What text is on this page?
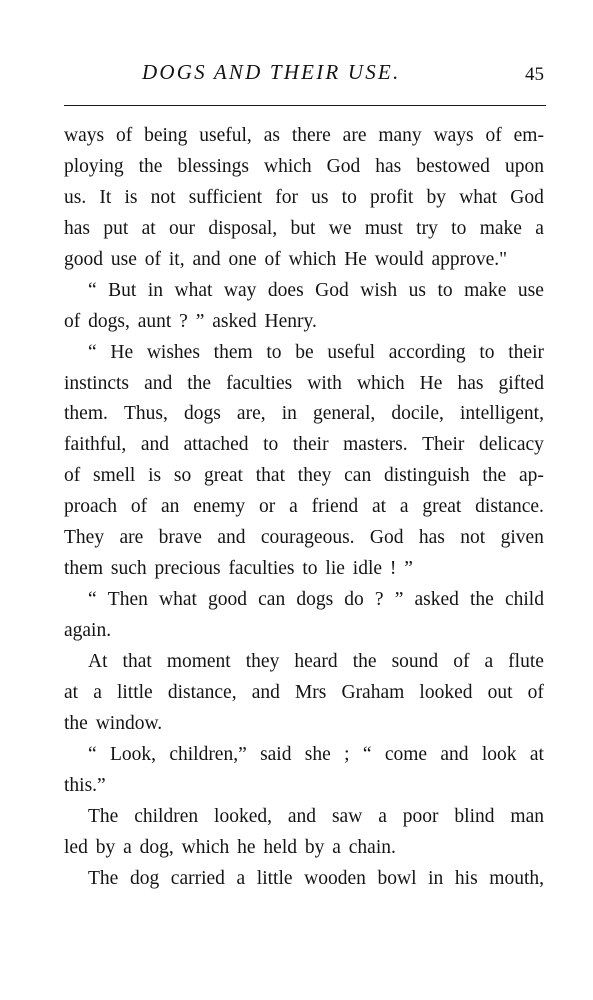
DOGS AND THEIR USE.	45
ways of being useful, as there are many ways of em-
ploying the blessings which God has bestowed upon
us. It is not sufficient for us to profit by what God
has put at our disposal, but we must try to make a
good
use
of
it,
and
one
of
which
He
would
approve."
“ But in what way does God wish us to make use
of
dogs,
aunt
?
”
asked
Henry.
“ He wishes them to be useful according to their
instincts and the faculties with which He has gifted
them. Thus, dogs are, in general, docile, intelligent,
faithful, and attached to their masters. Their delicacy
of smell is so great that they can distinguish the ap-
proach of an enemy or a friend at a great distance.
They are brave and courageous. God has not given
them
such
precious
faculties
to
lie
idle
!
”
“ Then what good can dogs do ? ” asked the child
again.
At that moment they heard the sound of a flute
at a little distance, and Mrs Graham looked out of
the
window.
“ Look, children,” said she ; “ come and look at
this.”
The children looked, and saw a poor blind man
led
by
a
dog,
which
he
held
by
a
chain.
The dog carried a little wooden bowl in his mouth,
